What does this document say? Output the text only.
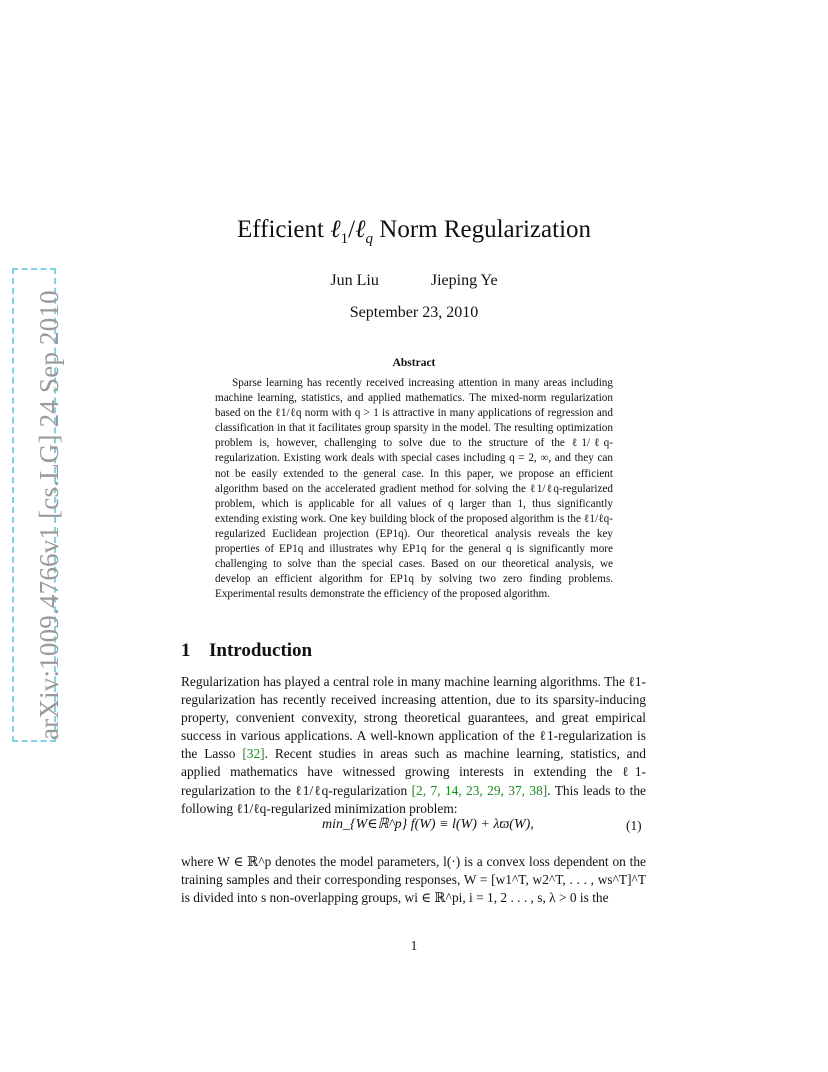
arXiv:1009.4766v1 [cs.LG] 24 Sep 2010
Efficient ℓ$_1$/ℓ$_q$ Norm Regularization
Jun Liu	Jieping Ye
September 23, 2010
Abstract
Sparse learning has recently received increasing attention in many areas including machine learning, statistics, and applied mathematics. The mixed-norm regularization based on the ℓ1/ℓq norm with q > 1 is attractive in many applications of regression and classification in that it facilitates group sparsity in the model. The resulting optimization problem is, however, challenging to solve due to the structure of the ℓ1/ℓq-regularization. Existing work deals with special cases including q = 2, ∞, and they can not be easily extended to the general case. In this paper, we propose an efficient algorithm based on the accelerated gradient method for solving the ℓ1/ℓq-regularized problem, which is applicable for all values of q larger than 1, thus significantly extending existing work. One key building block of the proposed algorithm is the ℓ1/ℓq-regularized Euclidean projection (EP1q). Our theoretical analysis reveals the key properties of EP1q and illustrates why EP1q for the general q is significantly more challenging to solve than the special cases. Based on our theoretical analysis, we develop an efficient algorithm for EP1q by solving two zero finding problems. Experimental results demonstrate the efficiency of the proposed algorithm.
1 Introduction
Regularization has played a central role in many machine learning algorithms. The ℓ1-regularization has recently received increasing attention, due to its sparsity-inducing property, convenient convexity, strong theoretical guarantees, and great empirical success in various applications. A well-known application of the ℓ1-regularization is the Lasso [32]. Recent studies in areas such as machine learning, statistics, and applied mathematics have witnessed growing interests in extending the ℓ1-regularization to the ℓ1/ℓq-regularization [2, 7, 14, 23, 29, 37, 38]. This leads to the following ℓ1/ℓq-regularized minimization problem:
min_{W∈ℝ^p} f(W) ≡ l(W) + λϖ(W),	(1)
where W ∈ ℝ^p denotes the model parameters, l(·) is a convex loss dependent on the training samples and their corresponding responses, W = [w1^T, w2^T, . . . , ws^T]^T is divided into s non-overlapping groups, wi ∈ ℝ^pi, i = 1, 2 . . . , s, λ > 0 is the
1
